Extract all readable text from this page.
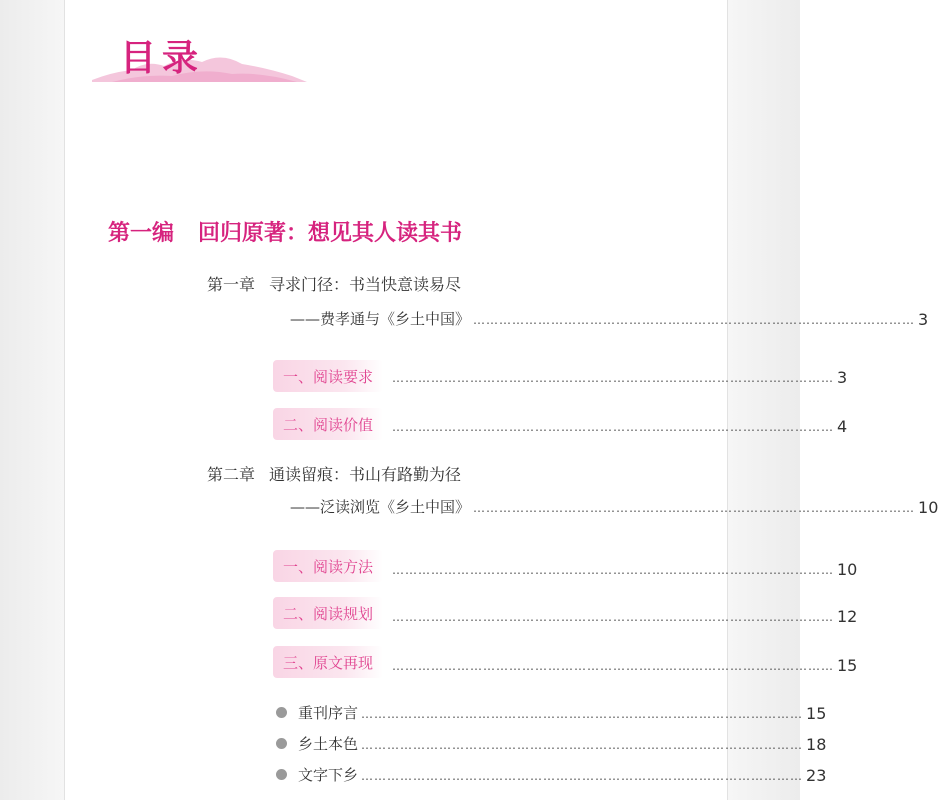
目录
第一编 回归原著：想见其人读其书
第一章 寻求门径：书当快意读易尽
——费孝通与《乡土中国》 ………………………………………………………………………………………… 3
一、阅读要求 ………………………………………………………………………………………… 3
二、阅读价值 ………………………………………………………………………………………… 4
第二章 通读留痕：书山有路勤为径
——泛读浏览《乡土中国》 ………………………………………………………………………………………… 10
一、阅读方法 ………………………………………………………………………………………… 10
二、阅读规划 ………………………………………………………………………………………… 12
三、原文再现 ………………………………………………………………………………………… 15
重刊序言 ………………………………………………………………………………………… 15
乡土本色 ………………………………………………………………………………………… 18
文字下乡 ………………………………………………………………………………………… 23
